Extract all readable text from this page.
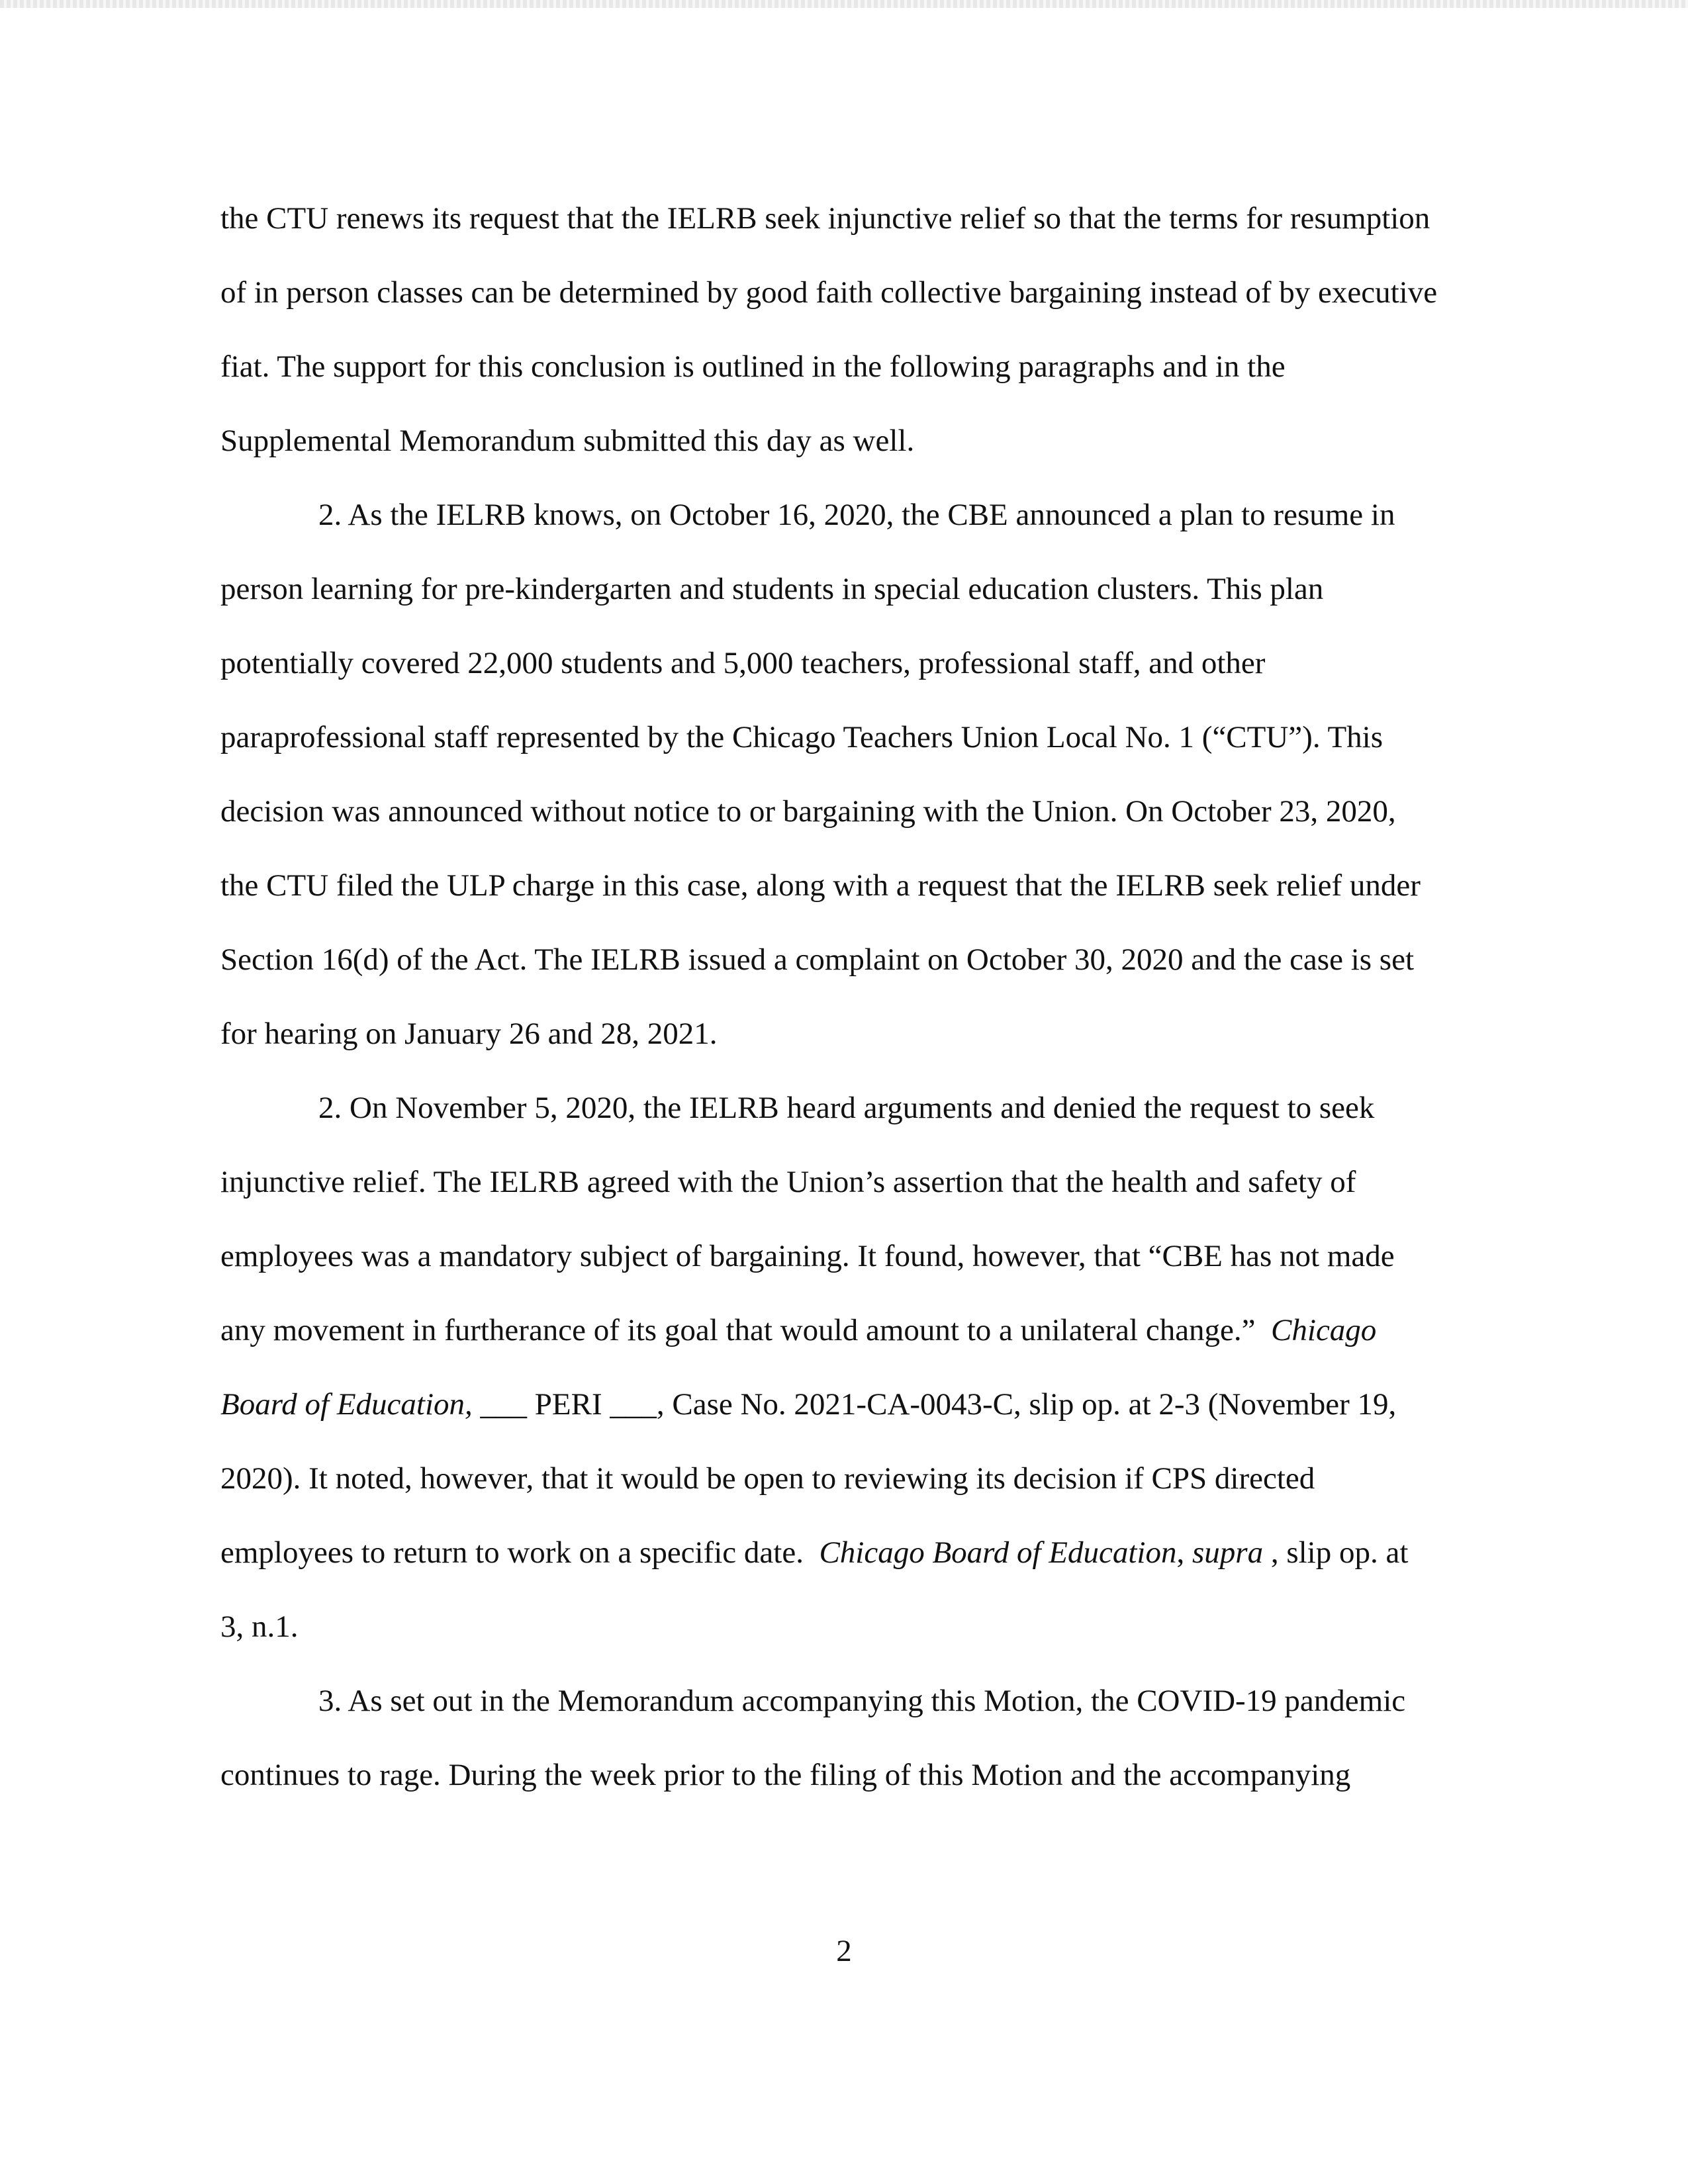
the CTU renews its request that the IELRB seek injunctive relief so that the terms for resumption
of in person classes can be determined by good faith collective bargaining instead of by executive
fiat. The support for this conclusion is outlined in the following paragraphs and in the
Supplemental Memorandum submitted this day as well.
2. As the IELRB knows, on October 16, 2020, the CBE announced a plan to resume in
person learning for pre-kindergarten and students in special education clusters. This plan
potentially covered 22,000 students and 5,000 teachers, professional staff, and other
paraprofessional staff represented by the Chicago Teachers Union Local No. 1 (“CTU”). This
decision was announced without notice to or bargaining with the Union. On October 23, 2020,
the CTU filed the ULP charge in this case, along with a request that the IELRB seek relief under
Section 16(d) of the Act. The IELRB issued a complaint on October 30, 2020 and the case is set
for hearing on January 26 and 28, 2021.
2. On November 5, 2020, the IELRB heard arguments and denied the request to seek
injunctive relief. The IELRB agreed with the Union’s assertion that the health and safety of
employees was a mandatory subject of bargaining. It found, however, that “CBE has not made
any movement in furtherance of its goal that would amount to a unilateral change.” Chicago
Board of Education, ___ PERI ___, Case No. 2021-CA-0043-C, slip op. at 2-3 (November 19,
2020). It noted, however, that it would be open to reviewing its decision if CPS directed
employees to return to work on a specific date. Chicago Board of Education, supra , slip op. at
3, n.1.
3. As set out in the Memorandum accompanying this Motion, the COVID-19 pandemic
continues to rage. During the week prior to the filing of this Motion and the accompanying
2
